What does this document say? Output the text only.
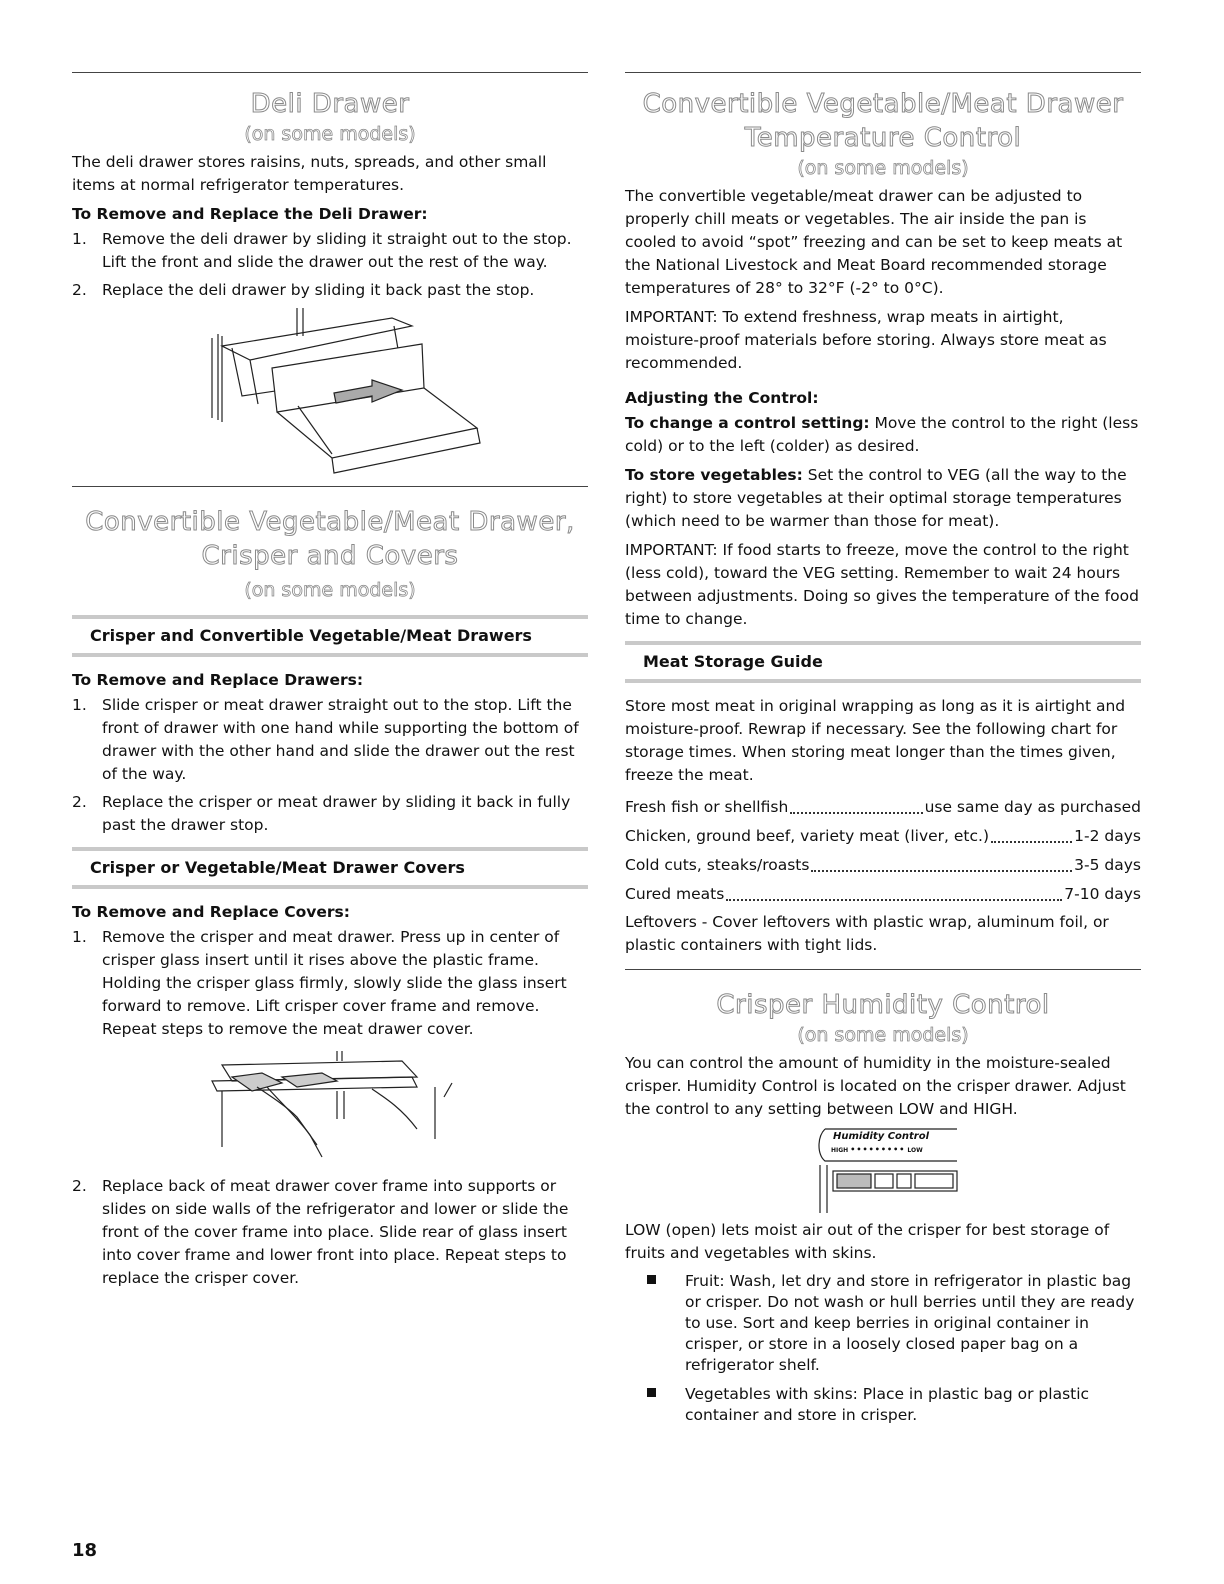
Deli Drawer
(on some models)

The deli drawer stores raisins, nuts, spreads, and other small items at normal refrigerator temperatures.

To Remove and Replace the Deli Drawer:

1. Remove the deli drawer by sliding it straight out to the stop. Lift the front and slide the drawer out the rest of the way.
2. Replace the deli drawer by sliding it back past the stop.
Convertible Vegetable/Meat Drawer,
Crisper and Covers
(on some models)
Crisper and Convertible Vegetable/Meat Drawers

To Remove and Replace Drawers:

1. Slide crisper or meat drawer straight out to the stop. Lift the front of drawer with one hand while supporting the bottom of drawer with the other hand and slide the drawer out the rest of the way.
2. Replace the crisper or meat drawer by sliding it back in fully past the drawer stop.
Crisper or Vegetable/Meat Drawer Covers

To Remove and Replace Covers:

1. Remove the crisper and meat drawer. Press up in center of crisper glass insert until it rises above the plastic frame. Holding the crisper glass firmly, slowly slide the glass insert forward to remove. Lift crisper cover frame and remove. Repeat steps to remove the meat drawer cover.
2. Replace back of meat drawer cover frame into supports or slides on side walls of the refrigerator and lower or slide the front of the cover frame into place. Slide rear of glass insert into cover frame and lower front into place. Repeat steps to replace the crisper cover.
Convertible Vegetable/Meat Drawer
Temperature Control
(on some models)

The convertible vegetable/meat drawer can be adjusted to properly chill meats or vegetables. The air inside the pan is cooled to avoid “spot” freezing and can be set to keep meats at the National Livestock and Meat Board recommended storage temperatures of 28° to 32°F (-2° to 0°C).

IMPORTANT: To extend freshness, wrap meats in airtight, moisture-proof materials before storing. Always store meat as recommended.

Adjusting the Control:

To change a control setting: Move the control to the right (less cold) or to the left (colder) as desired.

To store vegetables: Set the control to VEG (all the way to the right) to store vegetables at their optimal storage temperatures (which need to be warmer than those for meat).

IMPORTANT: If food starts to freeze, move the control to the right (less cold), toward the VEG setting. Remember to wait 24 hours between adjustments. Doing so gives the temperature of the food time to change.

Meat Storage Guide

Store most meat in original wrapping as long as it is airtight and moisture-proof. Rewrap if necessary. See the following chart for storage times. When storing meat longer than the times given, freeze the meat.

Fresh fish or shellfish	use same day as purchased
Chicken, ground beef, variety meat (liver, etc.)	1-2 days
Cold cuts, steaks/roasts	3-5 days
Cured meats	7-10 days

Leftovers - Cover leftovers with plastic wrap, aluminum foil, or plastic containers with tight lids.

Crisper Humidity Control
(on some models)

You can control the amount of humidity in the moisture-sealed crisper. Humidity Control is located on the crisper drawer. Adjust the control to any setting between LOW and HIGH.

Humidity Control
HIGH ••••••••• LOW

LOW (open) lets moist air out of the crisper for best storage of fruits and vegetables with skins.

Fruit: Wash, let dry and store in refrigerator in plastic bag or crisper. Do not wash or hull berries until they are ready to use. Sort and keep berries in original container in crisper, or store in a loosely closed paper bag on a refrigerator shelf.
Vegetables with skins: Place in plastic bag or plastic container and store in crisper.
18
